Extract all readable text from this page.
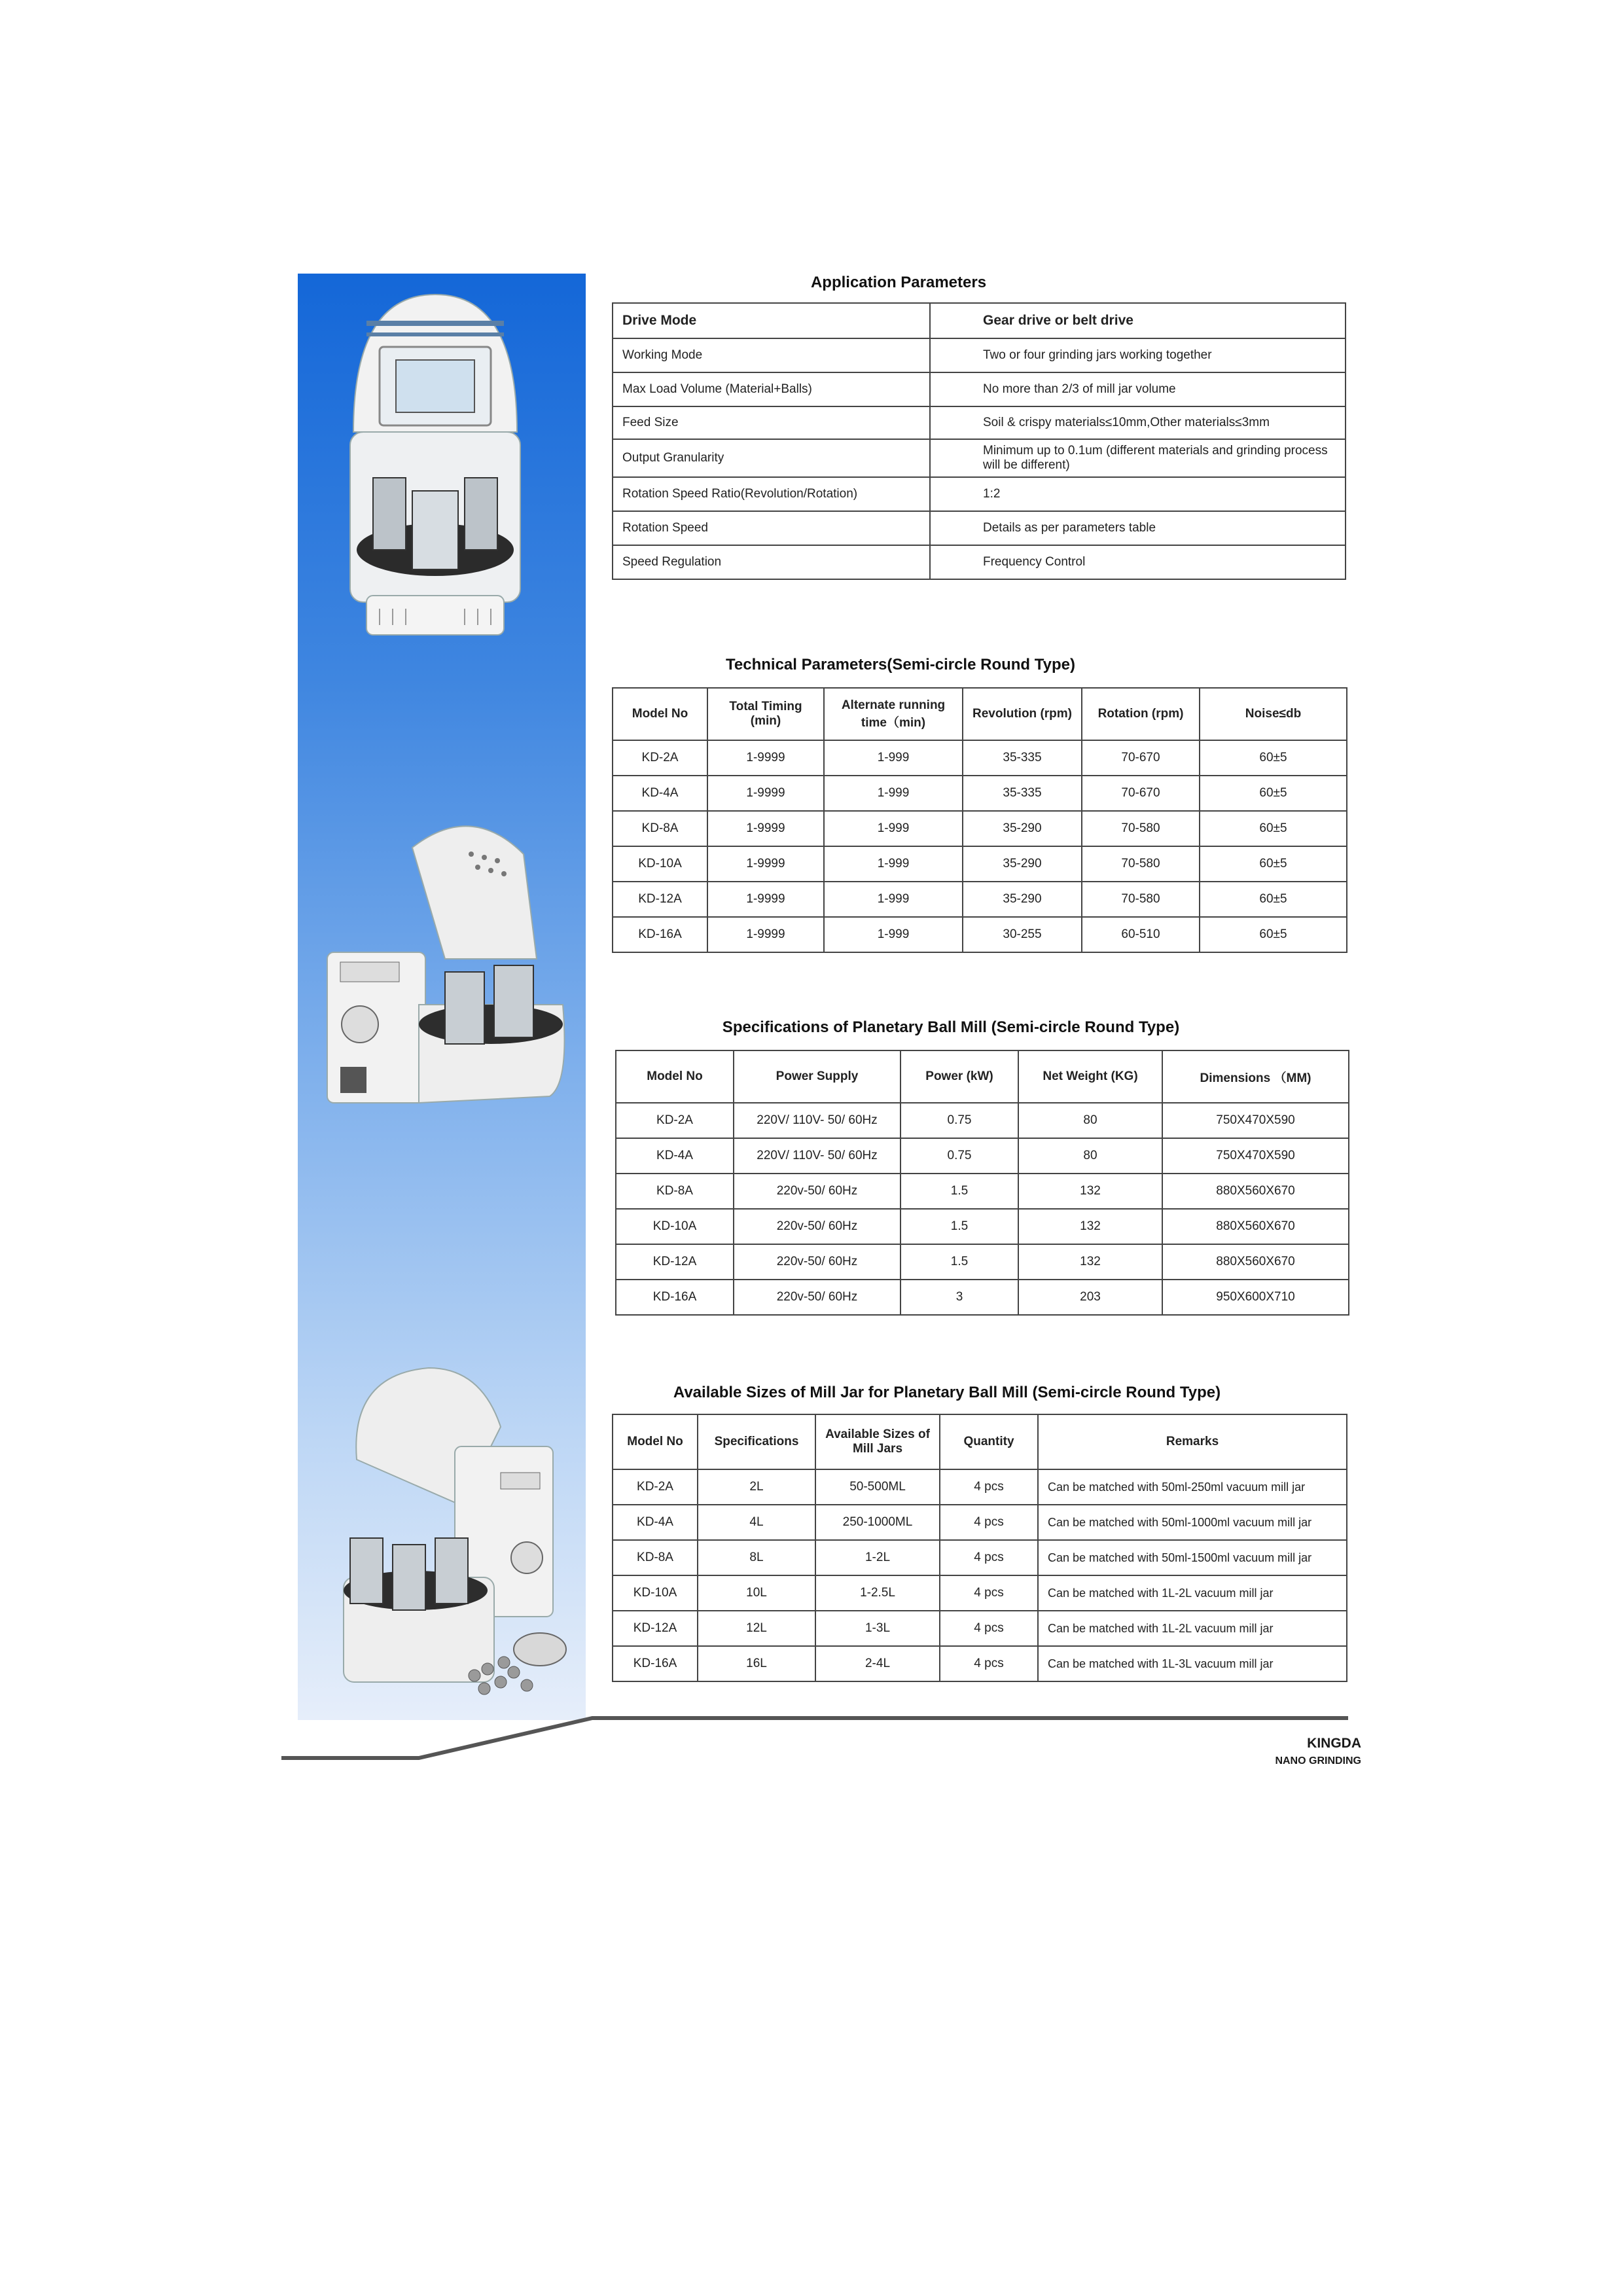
Application Parameters
Drive Mode	Gear drive or belt drive
Working Mode	Two or four grinding jars working together
Max Load Volume (Material+Balls)	No more than 2/3 of mill jar volume
Feed Size	Soil & crispy materials≤10mm,Other materials≤3mm
Output Granularity	Minimum up to 0.1um (different materials and grinding process will be different)
Rotation Speed Ratio(Revolution/Rotation)	1:2
Rotation Speed	Details as per parameters table
Speed Regulation	Frequency Control
Technical Parameters(Semi-circle Round Type)
Model No	Total Timing (min)	Alternate running time（min)	Revolution (rpm)	Rotation (rpm)	Noise≤db
KD-2A	1-9999	1-999	35-335	70-670	60±5
KD-4A	1-9999	1-999	35-335	70-670	60±5
KD-8A	1-9999	1-999	35-290	70-580	60±5
KD-10A	1-9999	1-999	35-290	70-580	60±5
KD-12A	1-9999	1-999	35-290	70-580	60±5
KD-16A	1-9999	1-999	30-255	60-510	60±5
Specifications of Planetary Ball Mill (Semi-circle Round Type)
Model No	Power Supply	Power (kW)	Net Weight (KG)	Dimensions （MM)
KD-2A	220V/ 110V- 50/ 60Hz	0.75	80	750X470X590
KD-4A	220V/ 110V- 50/ 60Hz	0.75	80	750X470X590
KD-8A	220v-50/ 60Hz	1.5	132	880X560X670
KD-10A	220v-50/ 60Hz	1.5	132	880X560X670
KD-12A	220v-50/ 60Hz	1.5	132	880X560X670
KD-16A	220v-50/ 60Hz	3	203	950X600X710
Available Sizes of Mill Jar for Planetary Ball Mill (Semi-circle Round Type)
Model No	Specifications	Available Sizes of Mill Jars	Quantity	Remarks
KD-2A	2L	50-500ML	4 pcs	Can be matched with 50ml-250ml vacuum mill jar
KD-4A	4L	250-1000ML	4 pcs	Can be matched with 50ml-1000ml vacuum mill jar
KD-8A	8L	1-2L	4 pcs	Can be matched with 50ml-1500ml vacuum mill jar
KD-10A	10L	1-2.5L	4 pcs	Can be matched with 1L-2L vacuum mill jar
KD-12A	12L	1-3L	4 pcs	Can be matched with 1L-2L vacuum mill jar
KD-16A	16L	2-4L	4 pcs	Can be matched with 1L-3L vacuum mill jar
KINGDA
NANO GRINDING
